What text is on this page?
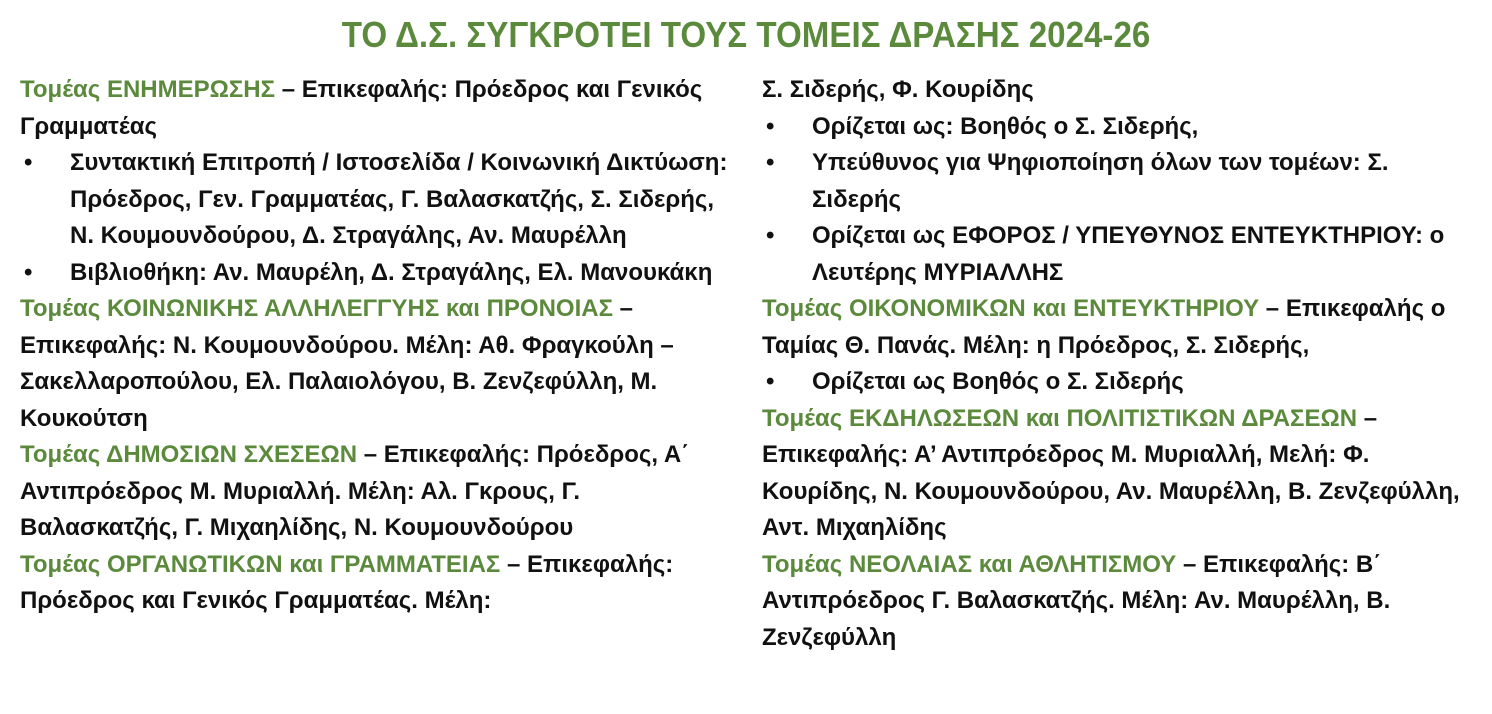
ΤΟ Δ.Σ. ΣΥΓΚΡΟΤΕΙ ΤΟΥΣ ΤΟΜΕΙΣ ΔΡΑΣΗΣ 2024-26

Τομέας ΕΝΗΜΕΡΩΣΗΣ – Επικεφαλής: Πρόεδρος και Γενικός Γραμματέας

• Συντακτική Επιτροπή / Ιστοσελίδα / Κοινωνική Δικτύωση: Πρόεδρος, Γεν. Γραμματέας, Γ. Βαλασκατζής, Σ. Σιδερής, Ν. Κουμουνδούρου, Δ. Στραγάλης, Αν. Μαυρέλλη
• Βιβλιοθήκη: Αν. Μαυρέλη, Δ. Στραγάλης, Ελ. Μανουκάκη

Τομέας ΚΟΙΝΩΝΙΚΗΣ ΑΛΛΗΛΕΓΓΥΗΣ και ΠΡΟΝΟΙΑΣ – Επικεφαλής: Ν. Κουμουνδούρου. Μέλη: Αθ. Φραγκούλη – Σακελλαροπούλου, Ελ. Παλαιολόγου, Β. Ζενζεφύλλη, Μ. Κουκούτση

Τομέας ΔΗΜΟΣΙΩΝ ΣΧΕΣΕΩΝ – Επικεφαλής: Πρόεδρος, Α΄ Αντιπρόεδρος Μ. Μυριαλλή. Μέλη: Αλ. Γκρους, Γ. Βαλασκατζής, Γ. Μιχαηλίδης, Ν. Κουμουνδούρου

Τομέας ΟΡΓΑΝΩΤΙΚΩΝ και ΓΡΑΜΜΑΤΕΙΑΣ – Επικεφαλής: Πρόεδρος και Γενικός Γραμματέας. Μέλη:

Σ. Σιδερής, Φ. Κουρίδης

• Ορίζεται ως: Βοηθός ο Σ. Σιδερής,
• Υπεύθυνος για Ψηφιοποίηση όλων των τομέων: Σ. Σιδερής
• Ορίζεται ως ΕΦΟΡΟΣ / ΥΠΕΥΘΥΝΟΣ ΕΝΤΕΥΚΤΗΡΙΟΥ: ο Λευτέρης ΜΥΡΙΑΛΛΗΣ

Τομέας ΟΙΚΟΝΟΜΙΚΩΝ και ΕΝΤΕΥΚΤΗΡΙΟΥ – Επικεφαλής ο Ταμίας Θ. Πανάς. Μέλη: η Πρόεδρος, Σ. Σιδερής,

• Ορίζεται ως Βοηθός ο Σ. Σιδερής

Τομέας ΕΚΔΗΛΩΣΕΩΝ και ΠΟΛΙΤΙΣΤΙΚΩΝ ΔΡΑΣΕΩΝ – Επικεφαλής: Α’ Αντιπρόεδρος Μ. Μυριαλλή, Μελή: Φ. Κουρίδης, Ν. Κουμουνδούρου, Αν. Μαυρέλλη, Β. Ζενζεφύλλη, Αντ. Μιχαηλίδης

Τομέας ΝΕΟΛΑΙΑΣ και ΑΘΛΗΤΙΣΜΟΥ – Επικεφαλής: Β΄ Αντιπρόεδρος Γ. Βαλασκατζής. Μέλη: Αν. Μαυρέλλη, Β. Ζενζεφύλλη
